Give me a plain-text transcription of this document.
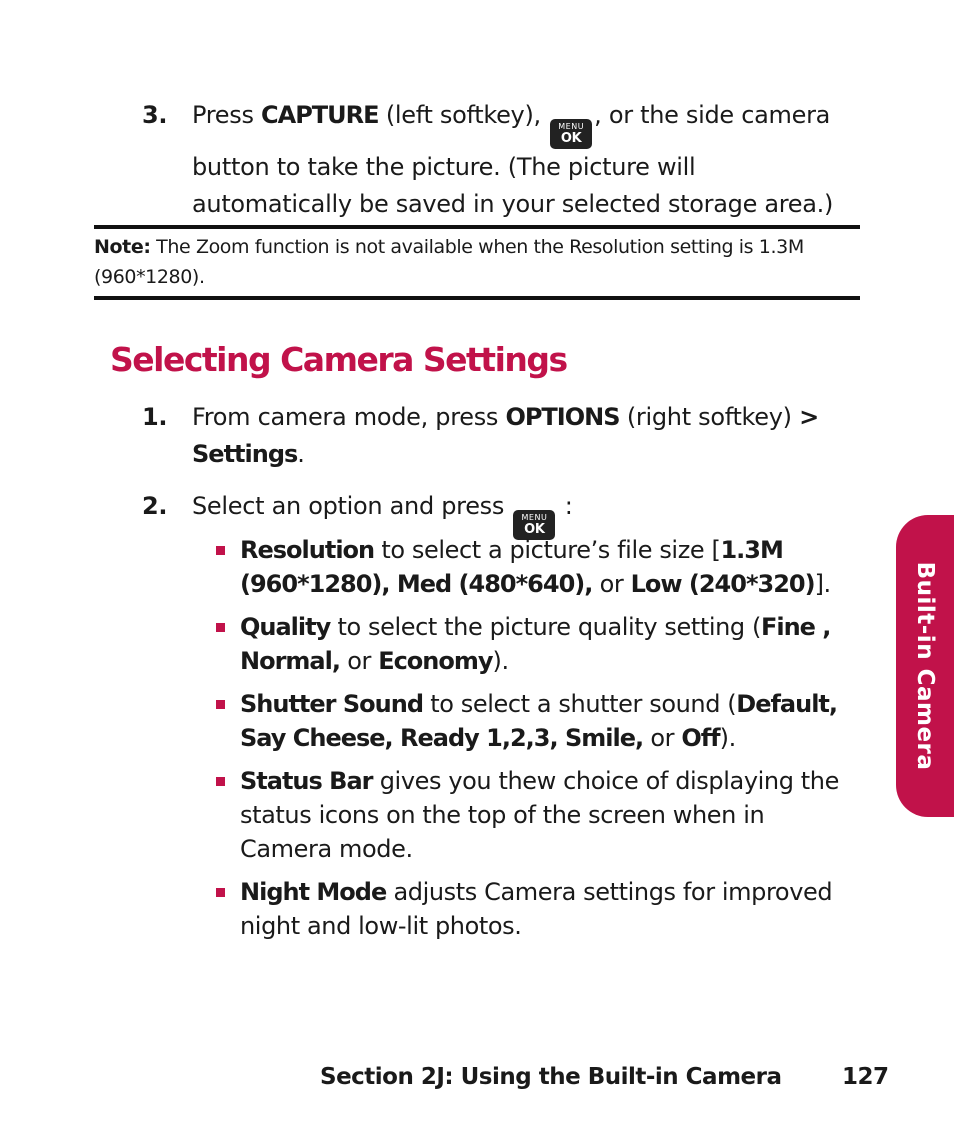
3. Press CAPTURE (left softkey), MENU
OK
, or the side camera button to take the picture. (The picture will automatically be saved in your selected storage area.)
Note: The Zoom function is not available when the Resolution setting is 1.3M (960*1280).
Selecting Camera Settings
1. From camera mode, press OPTIONS (right softkey) >
Settings.
2. Select an option and press MENU
OK
:
Resolution to select a picture’s file size [1.3M (960*1280), Med (480*640), or Low (240*320)].
Quality to select the picture quality setting (Fine , Normal, or Economy).
Shutter Sound to select a shutter sound (Default, Say Cheese, Ready 1,2,3, Smile, or Off).
Status Bar gives you thew choice of displaying the status icons on the top of the screen when in Camera mode.
Night Mode adjusts Camera settings for improved night and low-lit photos.
Built-in Camera
Section 2J: Using the Built-in Camera	127
